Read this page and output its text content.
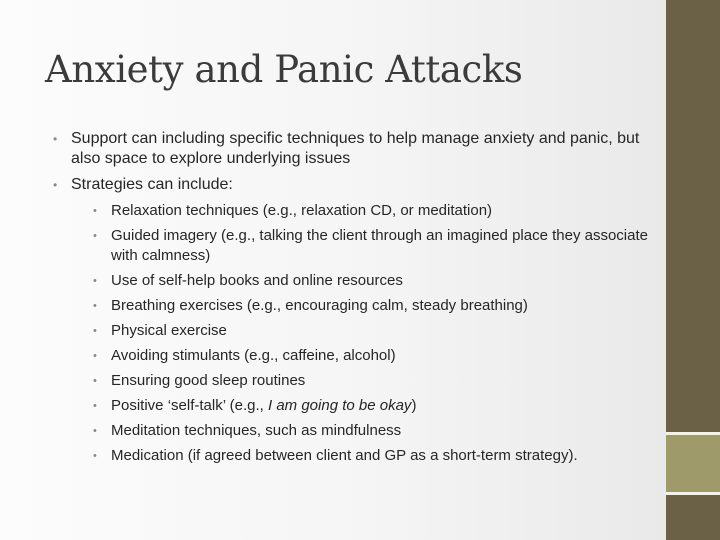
Anxiety and Panic Attacks
• Support can including specific techniques to help manage anxiety and panic, but also space to explore underlying issues
• Strategies can include:
• Relaxation techniques (e.g., relaxation CD, or meditation)
• Guided imagery (e.g., talking the client through an imagined place they associate with calmness)
• Use of self-help books and online resources
• Breathing exercises (e.g., encouraging calm, steady breathing)
• Physical exercise
• Avoiding stimulants (e.g., caffeine, alcohol)
• Ensuring good sleep routines
• Positive ‘self-talk’ (e.g., I am going to be okay)
• Meditation techniques, such as mindfulness
• Medication (if agreed between client and GP as a short-term strategy).
